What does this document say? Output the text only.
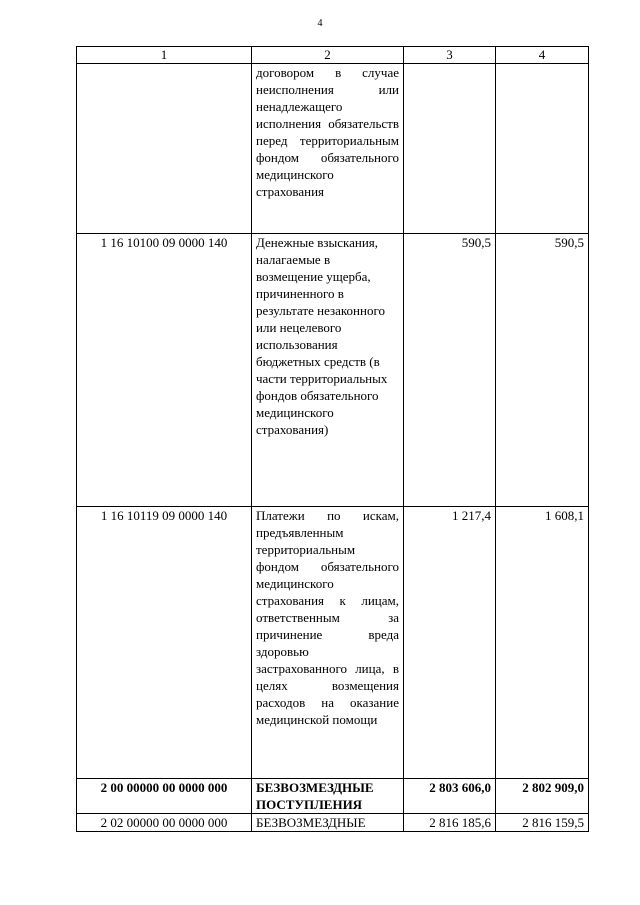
4
1	2	3	4
	договором в случае неисполнения или ненадлежащего исполнения обязательств перед территориальным фондом обязательного медицинского страхования		
1 16 10100 09 0000 140	Денежные взыскания, налагаемые в возмещение ущерба, причиненного в результате незаконного или нецелевого использования бюджетных средств (в части территориальных фондов обязательного медицинского страхования)	590,5	590,5
1 16 10119 09 0000 140	Платежи по искам, предъявленным территориальным фондом обязательного медицинского страхования к лицам, ответственным за причинение вреда здоровью застрахованного лица, в целях возмещения расходов на оказание медицинской помощи	1 217,4	1 608,1
2 00 00000 00 0000 000	БЕЗВОЗМЕЗДНЫЕ ПОСТУПЛЕНИЯ	2 803 606,0	2 802 909,0
2 02 00000 00 0000 000	БЕЗВОЗМЕЗДНЫЕ	2 816 185,6	2 816 159,5
